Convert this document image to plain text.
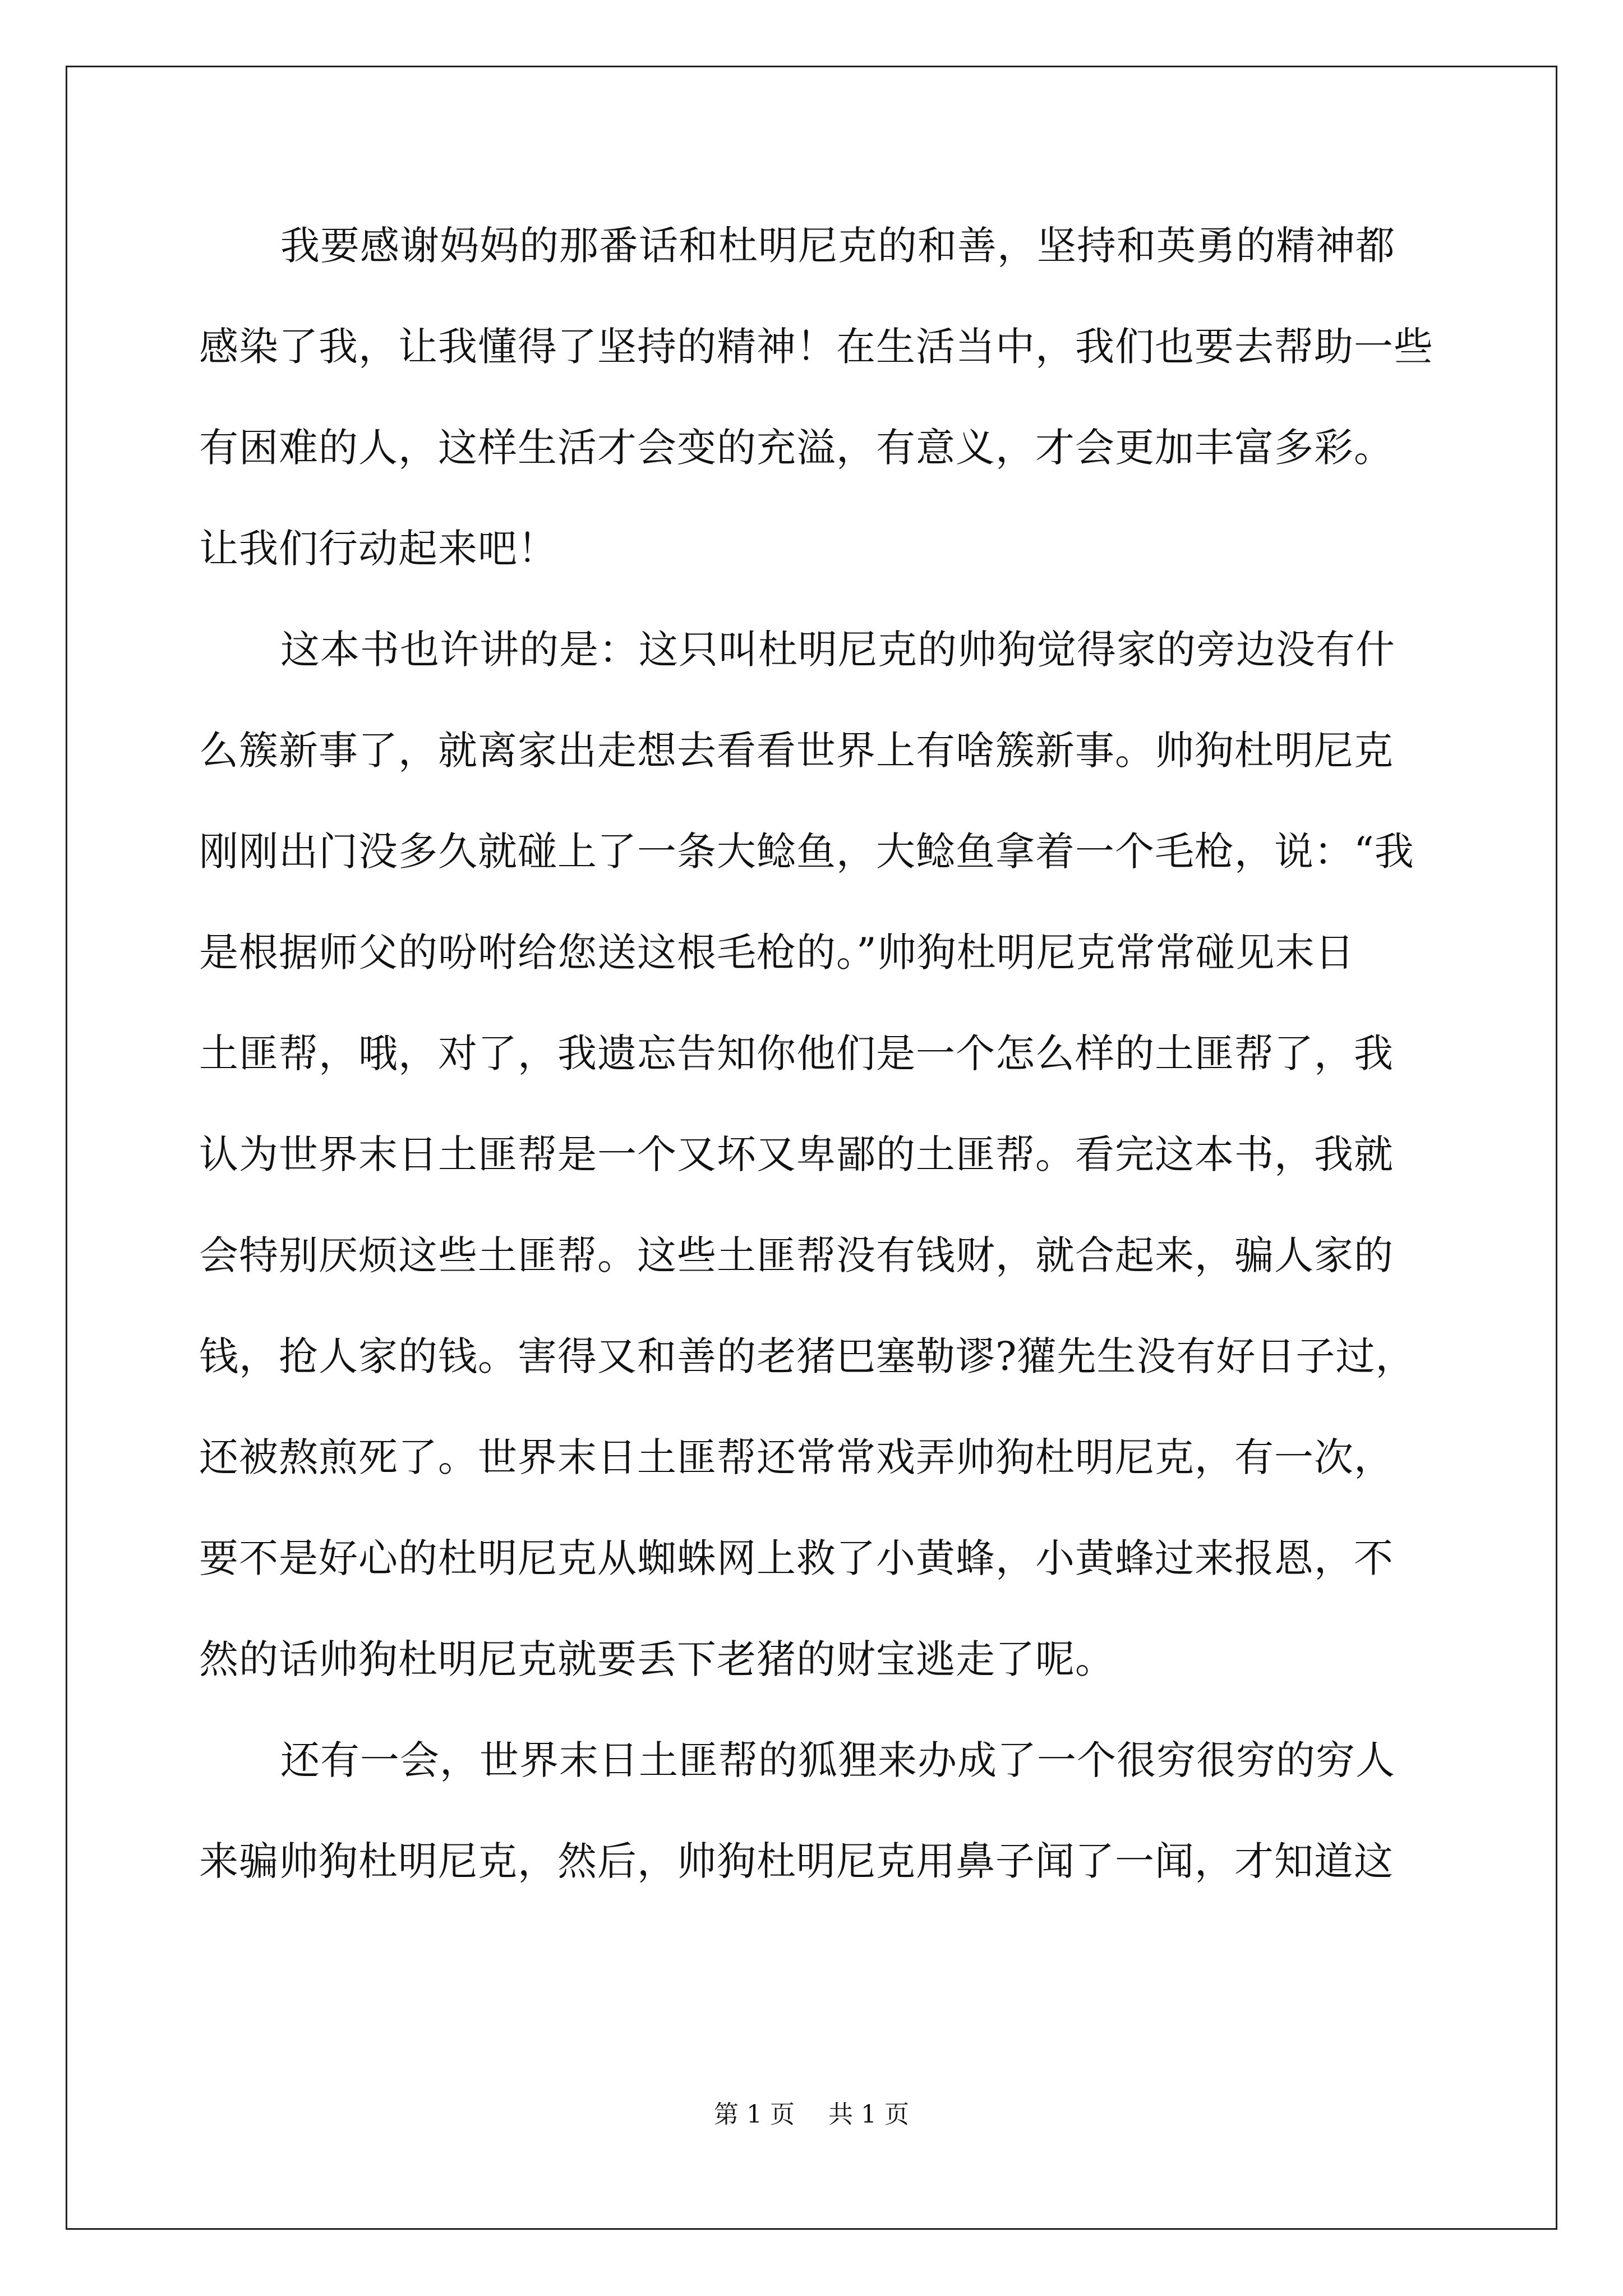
我要感谢妈妈的那番话和杜明尼克的和善，坚持和英勇的精神都
感染了我，让我懂得了坚持的精神！在生活当中，我们也要去帮助一些
有困难的人，这样生活才会变的充溢，有意义，才会更加丰富多彩。
让我们行动起来吧！
这本书也许讲的是：这只叫杜明尼克的帅狗觉得家的旁边没有什
么簇新事了，就离家出走想去看看世界上有啥簇新事。帅狗杜明尼克
刚刚出门没多久就碰上了一条大鲶鱼，大鲶鱼拿着一个毛枪，说：“我
是根据师父的吩咐给您送这根毛枪的。”帅狗杜明尼克常常碰见末日
土匪帮，哦，对了，我遗忘告知你他们是一个怎么样的土匪帮了，我
认为世界末日土匪帮是一个又坏又卑鄙的土匪帮。看完这本书，我就
会特别厌烦这些土匪帮。这些土匪帮没有钱财，就合起来，骗人家的
钱，抢人家的钱。害得又和善的老猪巴塞勒谬?獾先生没有好日子过，
还被熬煎死了。世界末日土匪帮还常常戏弄帅狗杜明尼克，有一次，
要不是好心的杜明尼克从蜘蛛网上救了小黄蜂，小黄蜂过来报恩，不
然的话帅狗杜明尼克就要丢下老猪的财宝逃走了呢。
还有一会，世界末日土匪帮的狐狸来办成了一个很穷很穷的穷人
来骗帅狗杜明尼克，然后，帅狗杜明尼克用鼻子闻了一闻，才知道这
第 1 页 共 1 页
